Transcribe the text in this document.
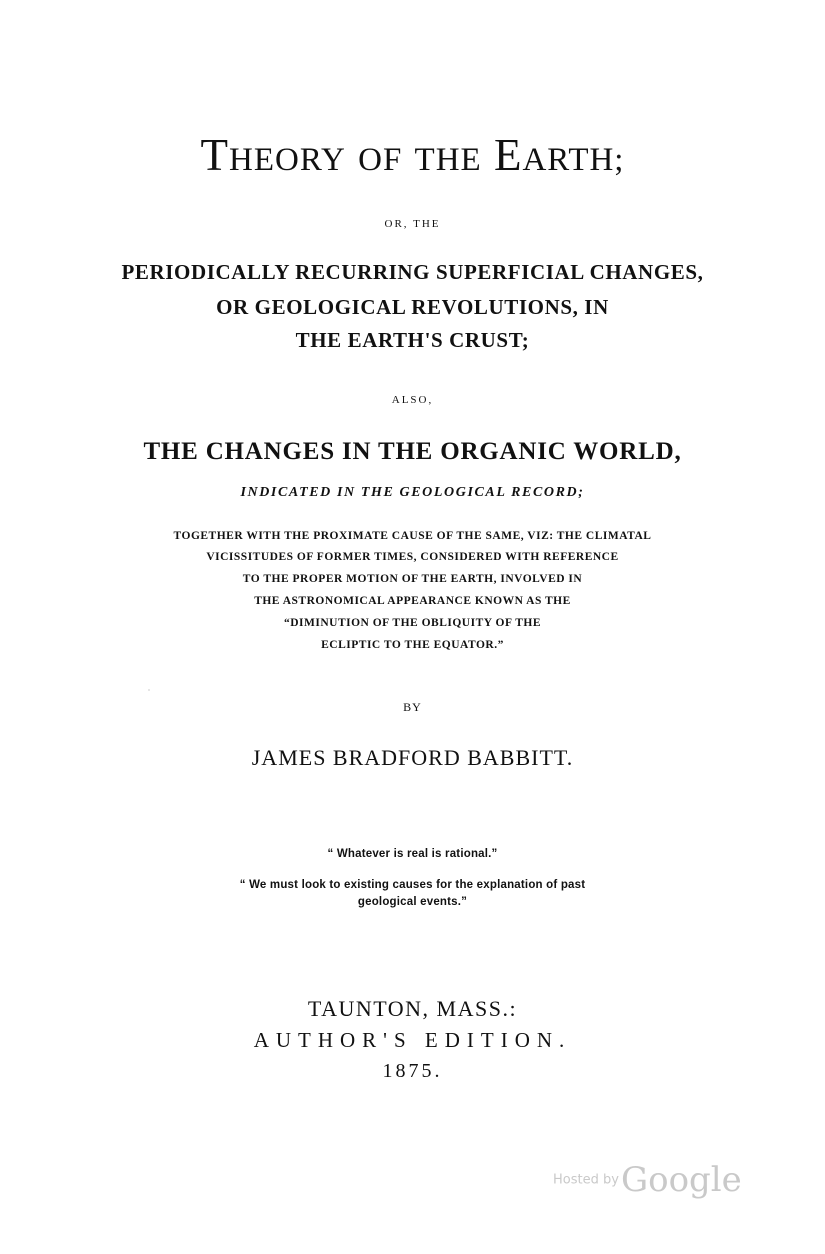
THEORY OF THE EARTH;
OR, THE
PERIODICALLY RECURRING SUPERFICIAL CHANGES,
OR GEOLOGICAL REVOLUTIONS, IN
THE EARTH'S CRUST;
ALSO,
THE CHANGES IN THE ORGANIC WORLD,
INDICATED IN THE GEOLOGICAL RECORD;
TOGETHER WITH THE PROXIMATE CAUSE OF THE SAME, VIZ: THE CLIMATAL
VICISSITUDES OF FORMER TIMES, CONSIDERED WITH REFERENCE
TO THE PROPER MOTION OF THE EARTH, INVOLVED IN
THE ASTRONOMICAL APPEARANCE KNOWN AS THE
“DIMINUTION OF THE OBLIQUITY OF THE
ECLIPTIC TO THE EQUATOR.”
BY
JAMES BRADFORD BABBITT.
“ Whatever is real is rational.”
“ We must look to existing causes for the explanation of past
geological events.”
TAUNTON, MASS.:
AUTHOR'S EDITION.
1875.
Hosted byGoogle
